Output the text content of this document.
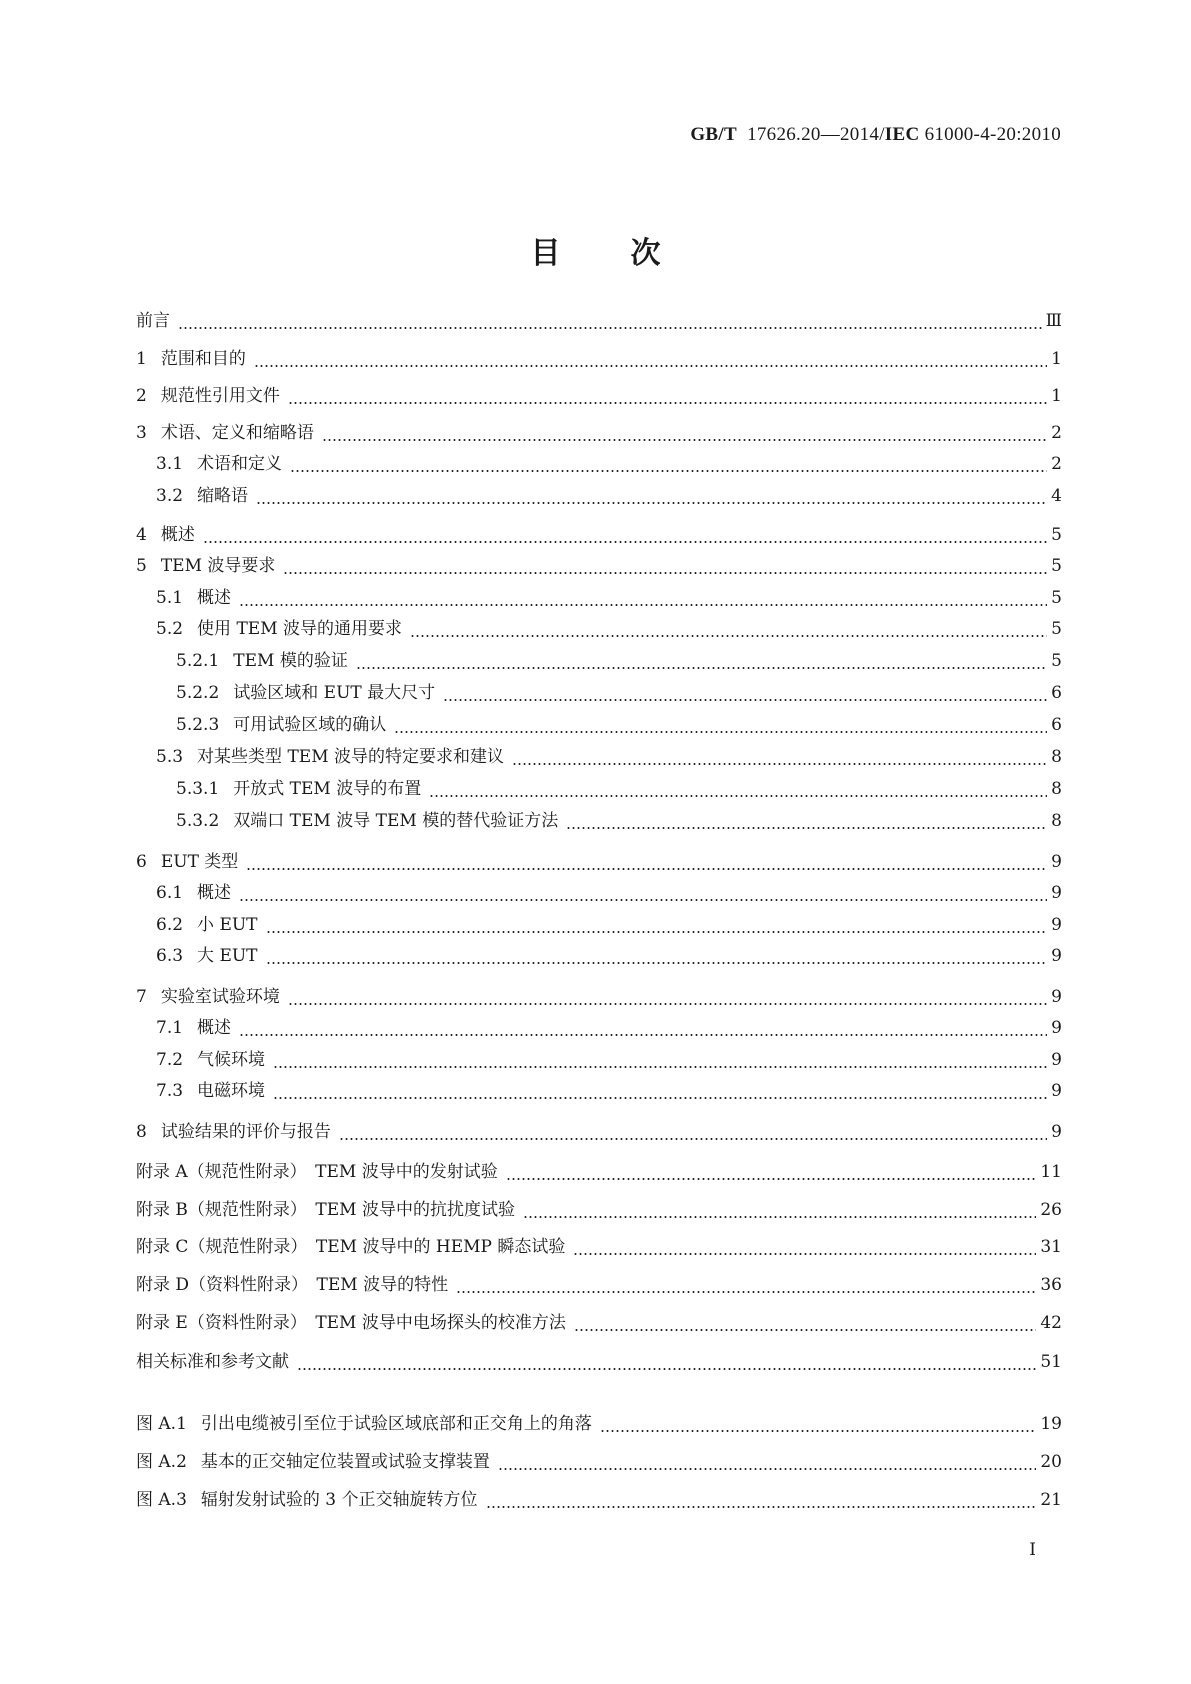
GB/T 17626.20—2014/IEC 61000-4-20:2010
目 次
前言	Ⅲ
1 范围和目的	1
2 规范性引用文件	1
3 术语、定义和缩略语	2
3.1 术语和定义	2
3.2 缩略语	4
4 概述	5
5 TEM 波导要求	5
5.1 概述	5
5.2 使用 TEM 波导的通用要求	5
5.2.1 TEM 模的验证	5
5.2.2 试验区域和 EUT 最大尺寸	6
5.2.3 可用试验区域的确认	6
5.3 对某些类型 TEM 波导的特定要求和建议	8
5.3.1 开放式 TEM 波导的布置	8
5.3.2 双端口 TEM 波导 TEM 模的替代验证方法	8
6 EUT 类型	9
6.1 概述	9
6.2 小 EUT	9
6.3 大 EUT	9
7 实验室试验环境	9
7.1 概述	9
7.2 气候环境	9
7.3 电磁环境	9
8 试验结果的评价与报告	9
附录 A（规范性附录）　TEM 波导中的发射试验	11
附录 B（规范性附录）　TEM 波导中的抗扰度试验	26
附录 C（规范性附录）　TEM 波导中的 HEMP 瞬态试验	31
附录 D（资料性附录）　TEM 波导的特性	36
附录 E（资料性附录）　TEM 波导中电场探头的校准方法	42
相关标准和参考文献	51
图 A.1 引出电缆被引至位于试验区域底部和正交角上的角落	19
图 A.2 基本的正交轴定位装置或试验支撑装置	20
图 A.3 辐射发射试验的 3 个正交轴旋转方位	21
I
